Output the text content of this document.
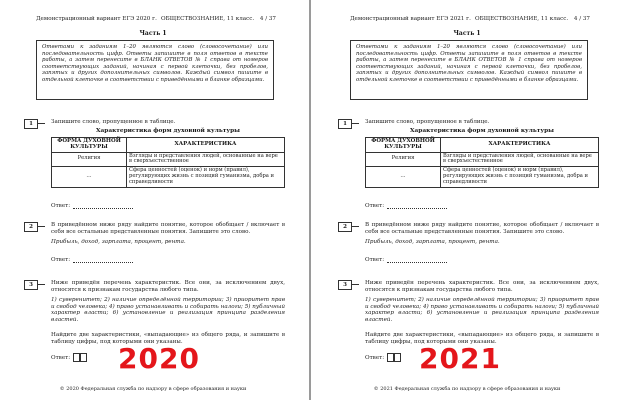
Демонстрационный вариант ЕГЭ 2020 г. ОБЩЕСТВОЗНАНИЕ, 11 класс. 4 / 37
Часть 1
Ответами к заданиям 1–20 являются слово (словосочетание) или последовательность цифр. Ответы запишите в поля ответов в тексте работы, а затем перенесите в БЛАНК ОТВЕТОВ № 1 справа от номеров соответствующих заданий, начиная с первой клеточки, без пробелов, запятых и других дополнительных символов. Каждый символ пишите в отдельной клеточке в соответствии с приведёнными в бланке образцами.
1	Запишите слово, пропущенное в таблице.
Характеристика форм духовной культуры
ФОРМА ДУХОВНОЙ КУЛЬТУРЫ	ХАРАКТЕРИСТИКА
Религия	Взгляды и представления людей, основанные на вере в сверхъестественное
…	Сфера ценностей (оценок) и норм (правил), регулирующих жизнь с позиций гуманизма, добра и справедливости
Ответ:
2	В приведённом ниже ряду найдите понятие, которое обобщает / включает в себя все остальные представленные понятия. Запишите это слово.
Прибыль, доход, зарплата, процент, рента.
Ответ:
3	Ниже приведён перечень характеристик. Все они, за исключением двух, относятся к признакам государства любого типа.
1) суверенитет; 2) наличие определённой территории; 3) приоритет прав и свобод человека; 4) право устанавливать и собирать налоги; 5) публичный характер власти; 6) установление и реализация принципа разделения властей.
Найдите две характеристики, «выпадающие» из общего ряда, и запишите в таблицу цифры, под которыми они указаны.
Ответ: 2020
© 2020 Федеральная служба по надзору в сфере образования и науки
Демонстрационный вариант ЕГЭ 2021 г. ОБЩЕСТВОЗНАНИЕ, 11 класс. 4 / 37
Часть 1
Ответами к заданиям 1–20 являются слово (словосочетание) или последовательность цифр. Ответы запишите в поля ответов в тексте работы, а затем перенесите в БЛАНК ОТВЕТОВ № 1 справа от номеров соответствующих заданий, начиная с первой клеточки, без пробелов, запятых и других дополнительных символов. Каждый символ пишите в отдельной клеточке в соответствии с приведёнными в бланке образцами.
1	Запишите слово, пропущенное в таблице.
Характеристика форм духовной культуры
ФОРМА ДУХОВНОЙ КУЛЬТУРЫ	ХАРАКТЕРИСТИКА
Религия	Взгляды и представления людей, основанные на вере в сверхъестественное
…	Сфера ценностей (оценок) и норм (правил), регулирующих жизнь с позиций гуманизма, добра и справедливости
Ответ:
2	В приведённом ниже ряду найдите понятие, которое обобщает / включает в себя все остальные представленные понятия. Запишите это слово.
Прибыль, доход, зарплата, процент, рента.
Ответ:
3	Ниже приведён перечень характеристик. Все они, за исключением двух, относятся к признакам государства любого типа.
1) суверенитет; 2) наличие определённой территории; 3) приоритет прав и свобод человека; 4) право устанавливать и собирать налоги; 5) публичный характер власти; 6) установление и реализация принципа разделения властей.
Найдите две характеристики, «выпадающие» из общего ряда, и запишите в таблицу цифры, под которыми они указаны.
Ответ: 2021
© 2021 Федеральная служба по надзору в сфере образования и науки
